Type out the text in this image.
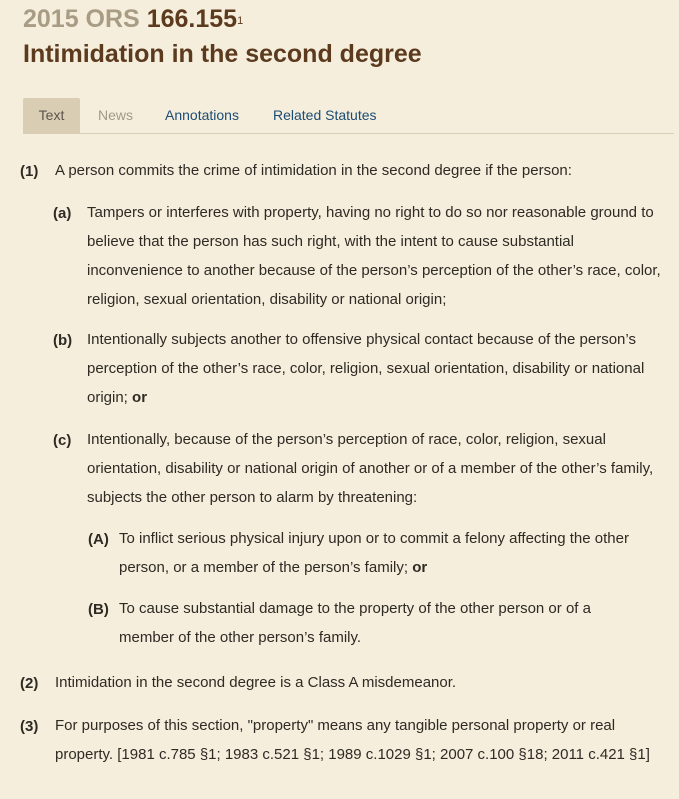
2015 ORS 166.155$^1$
Intimidation in the second degree
Text	News	Annotations	Related Statutes
(1) A person commits the crime of intimidation in the second degree if the person:
(a) Tampers or interferes with property, having no right to do so nor reasonable ground to believe that the person has such right, with the intent to cause substantial inconvenience to another because of the person’s perception of the other’s race, color, religion, sexual orientation, disability or national origin;
(b) Intentionally subjects another to offensive physical contact because of the person’s perception of the other’s race, color, religion, sexual orientation, disability or national origin; or
(c) Intentionally, because of the person’s perception of race, color, religion, sexual orientation, disability or national origin of another or of a member of the other’s family, subjects the other person to alarm by threatening:
(A) To inflict serious physical injury upon or to commit a felony affecting the other person, or a member of the person’s family; or
(B) To cause substantial damage to the property of the other person or of a member of the other person’s family.
(2) Intimidation in the second degree is a Class A misdemeanor.
(3) For purposes of this section, "property" means any tangible personal property or real property. [1981 c.785 §1; 1983 c.521 §1; 1989 c.1029 §1; 2007 c.100 §18; 2011 c.421 §1]
